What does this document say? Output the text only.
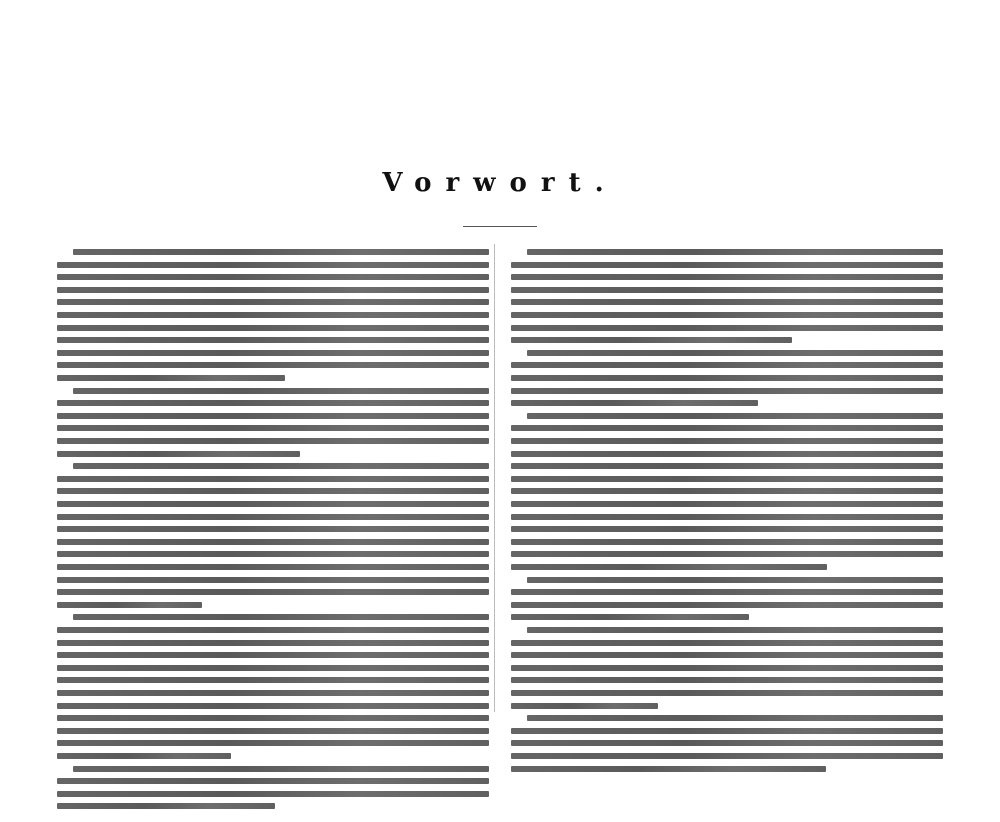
Vorwort.
